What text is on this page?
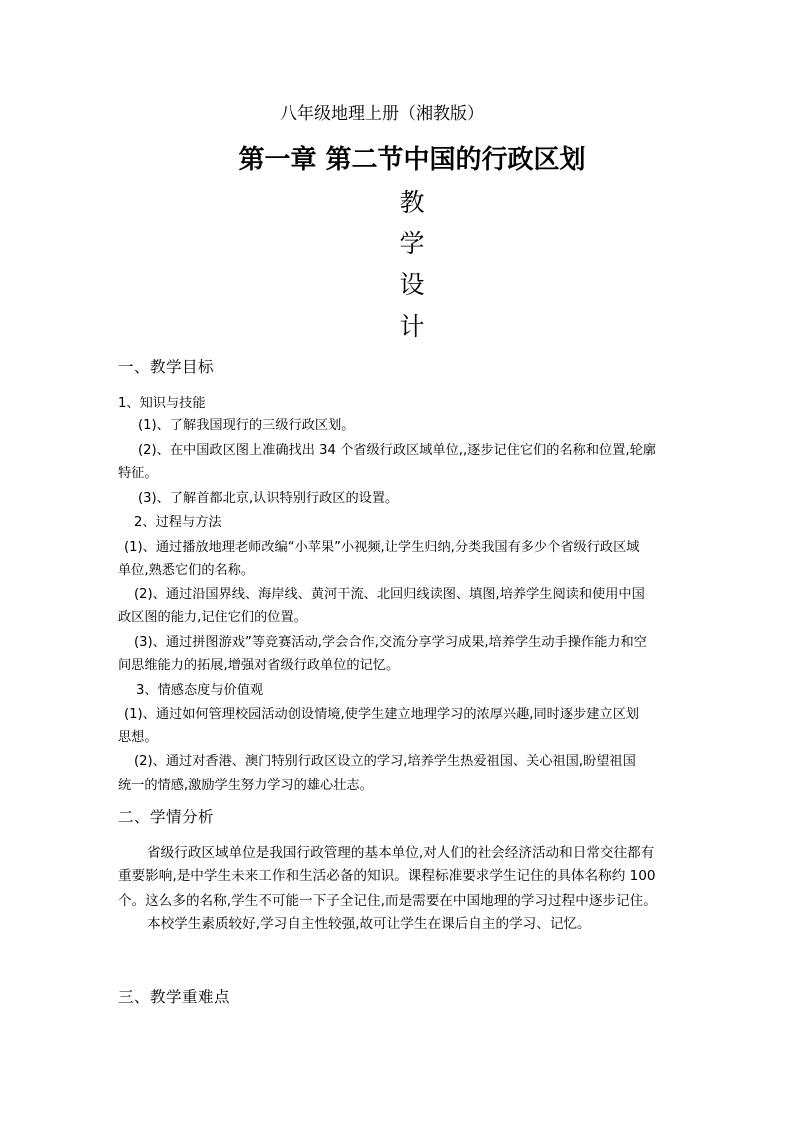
八年级地理上册（湘教版）
第一章 第二节中国的行政区划
教
学
设
计
一、教学目标
1、知识与技能
(1)、了解我国现行的三级行政区划。
(2)、在中国政区图上准确找出 34 个省级行政区域单位,,逐步记住它们的名称和位置,轮廓
特征。
(3)、了解首都北京,认识特别行政区的设置。
2、过程与方法
(1)、通过播放地理老师改编“小苹果”小视频,让学生归纳,分类我国有多少个省级行政区域
单位,熟悉它们的名称。
(2)、通过沿国界线、海岸线、黄河干流、北回归线读图、填图,培养学生阅读和使用中国
政区图的能力,记住它们的位置。
(3)、通过拼图游戏”等竞赛活动,学会合作,交流分享学习成果,培养学生动手操作能力和空
间思维能力的拓展,增强对省级行政单位的记忆。
3、情感态度与价值观
(1)、通过如何管理校园活动创设情境,使学生建立地理学习的浓厚兴趣,同时逐步建立区划
思想。
(2)、通过对香港、澳门特别行政区设立的学习,培养学生热爱祖国、关心祖国,盼望祖国
统一的情感,激励学生努力学习的雄心壮志。
二、学情分析
省级行政区域单位是我国行政管理的基本单位,对人们的社会经济活动和日常交往都有
重要影响,是中学生未来工作和生活必备的知识。课程标准要求学生记住的具体名称约 100
个。这么多的名称,学生不可能一下子全记住,而是需要在中国地理的学习过程中逐步记住。
本校学生素质较好,学习自主性较强,故可让学生在课后自主的学习、记忆。
三、教学重难点
